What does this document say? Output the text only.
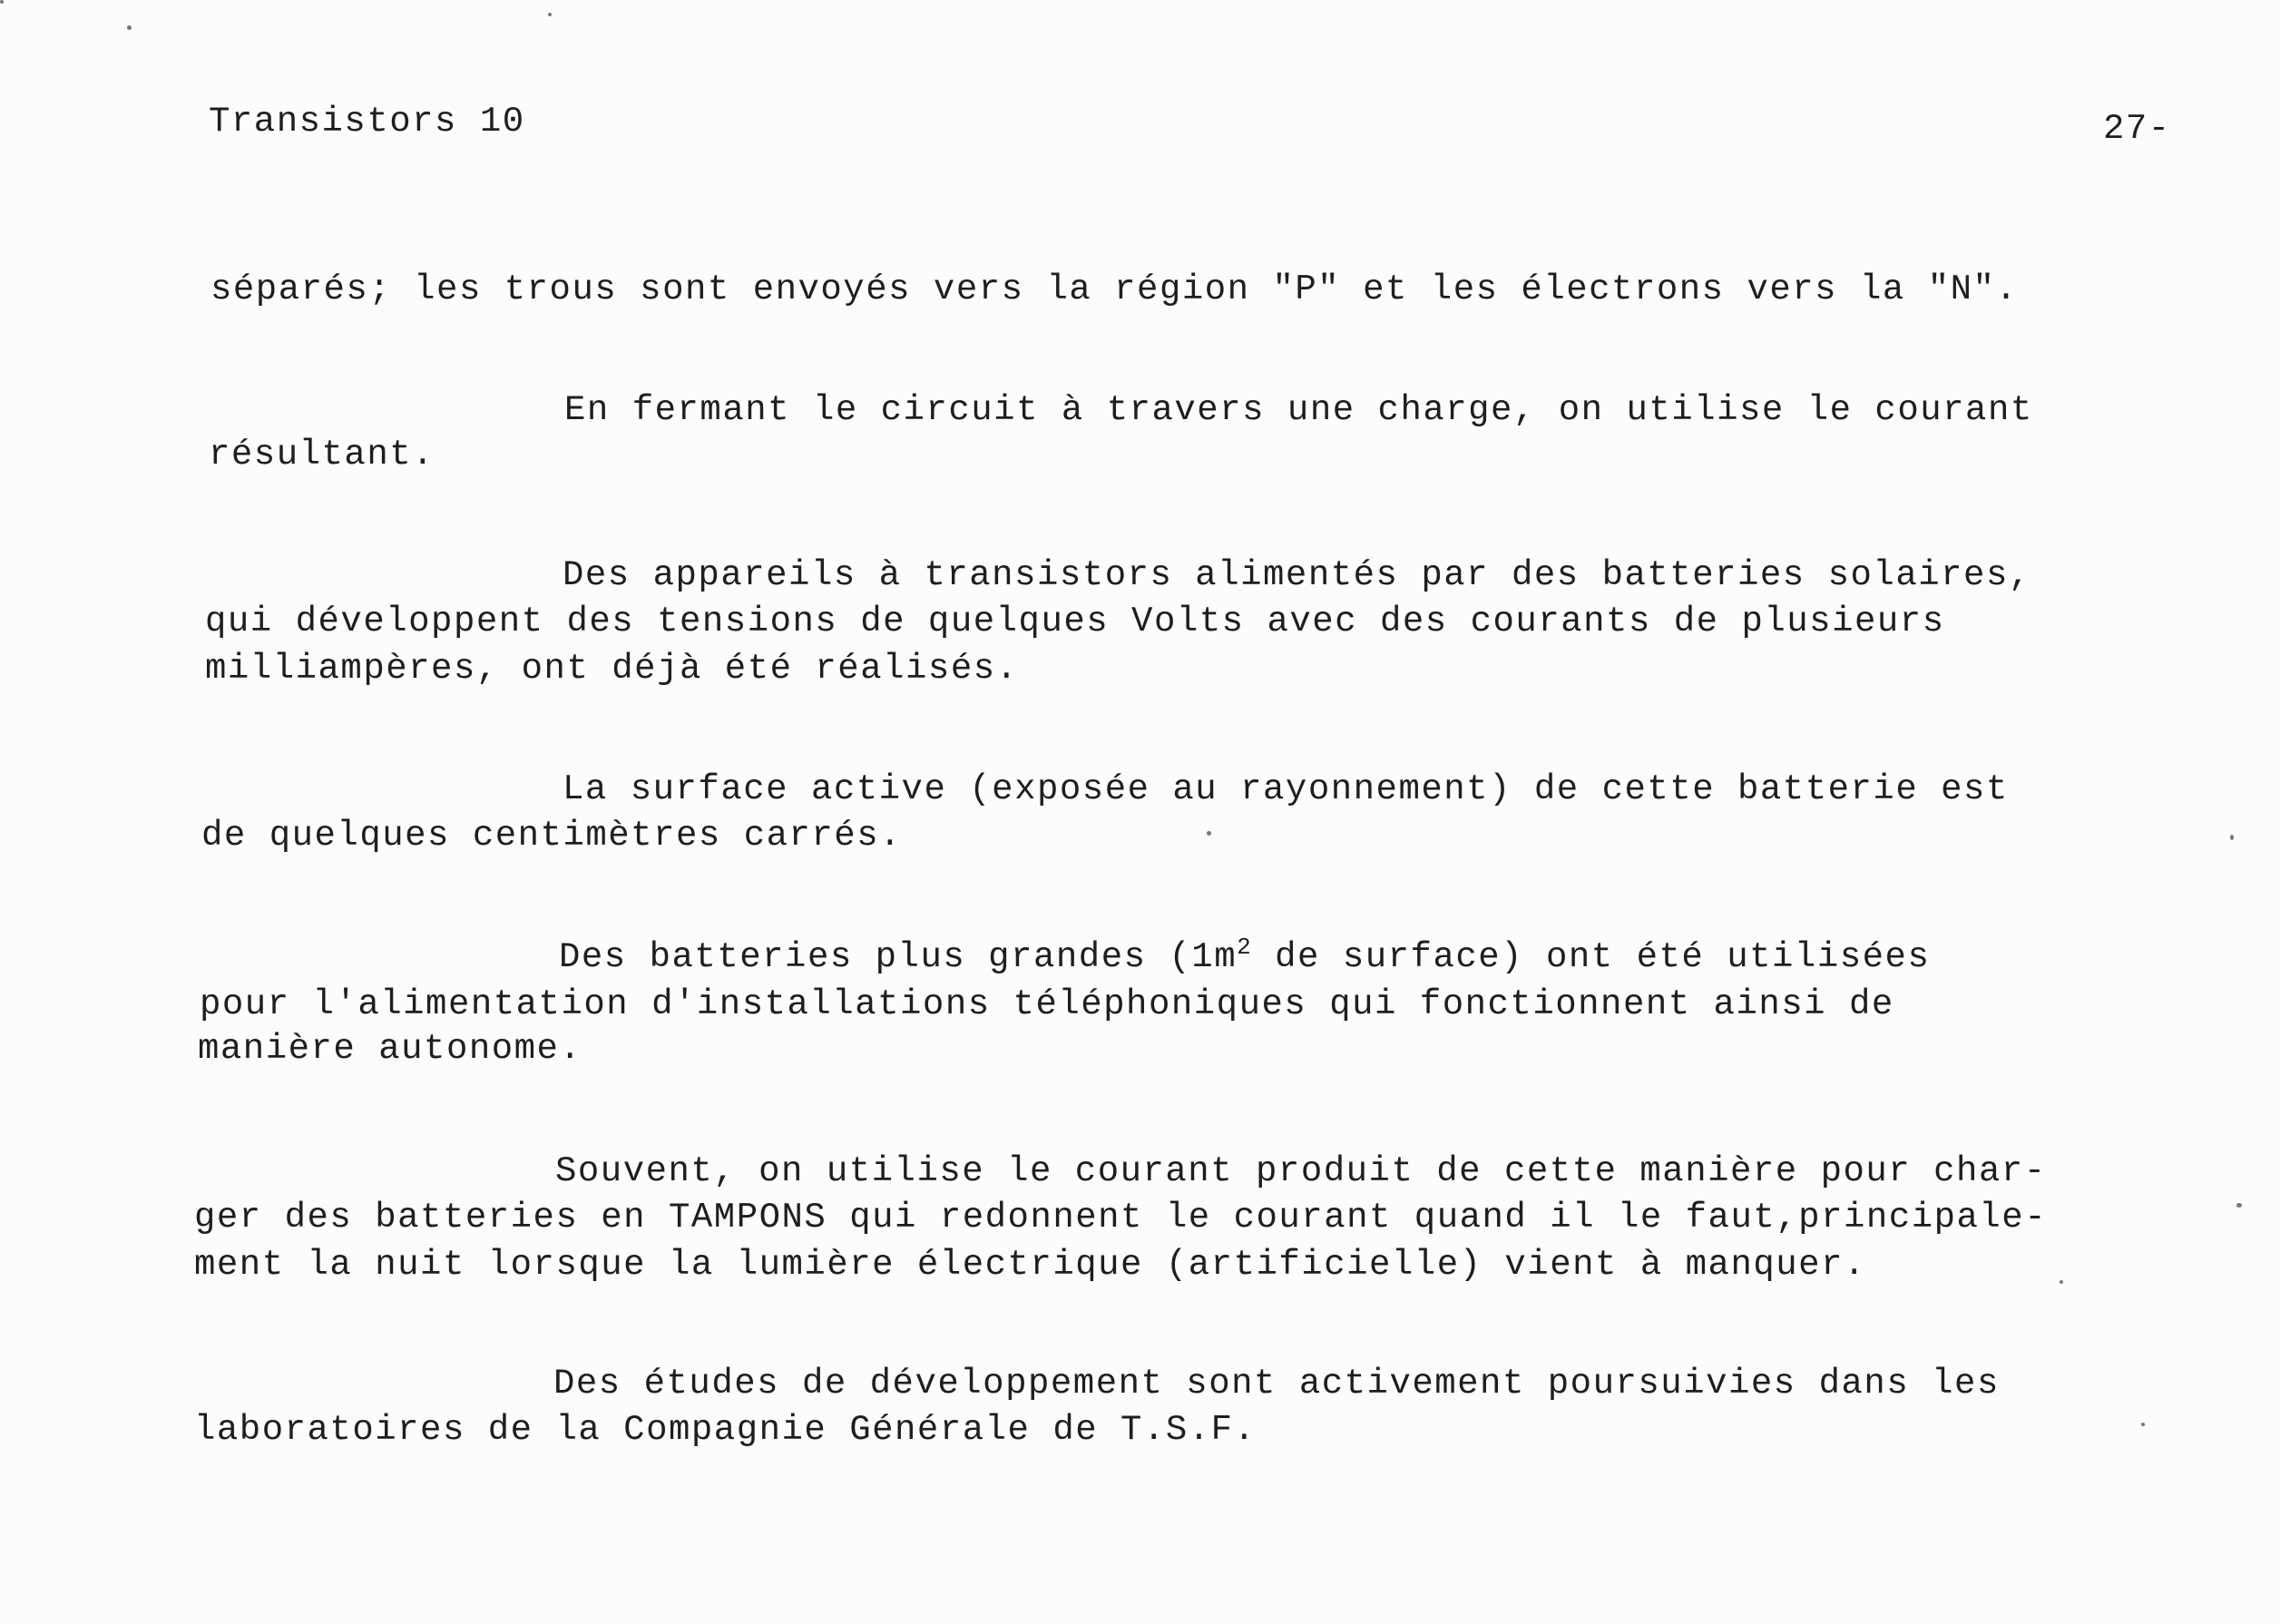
Transistors 10	27-
séparés; les trous sont envoyés vers la région "P" et les électrons vers la "N".
En fermant le circuit à travers une charge, on utilise le courant
résultant.
Des appareils à transistors alimentés par des batteries solaires,
qui développent des tensions de quelques Volts avec des courants de plusieurs
milliampères, ont déjà été réalisés.
La surface active (exposée au rayonnement) de cette batterie est
de quelques centimètres carrés.
Des batteries plus grandes ($1m^2$ de surface) ont été utilisées
pour l'alimentation d'installations téléphoniques qui fonctionnent ainsi de
manière autonome.
Souvent, on utilise le courant produit de cette manière pour char-
ger des batteries en TAMPONS qui redonnent le courant quand il le faut,principale-
ment la nuit lorsque la lumière électrique (artificielle) vient à manquer.
Des études de développement sont activement poursuivies dans les
laboratoires de la Compagnie Générale de T.S.F.
